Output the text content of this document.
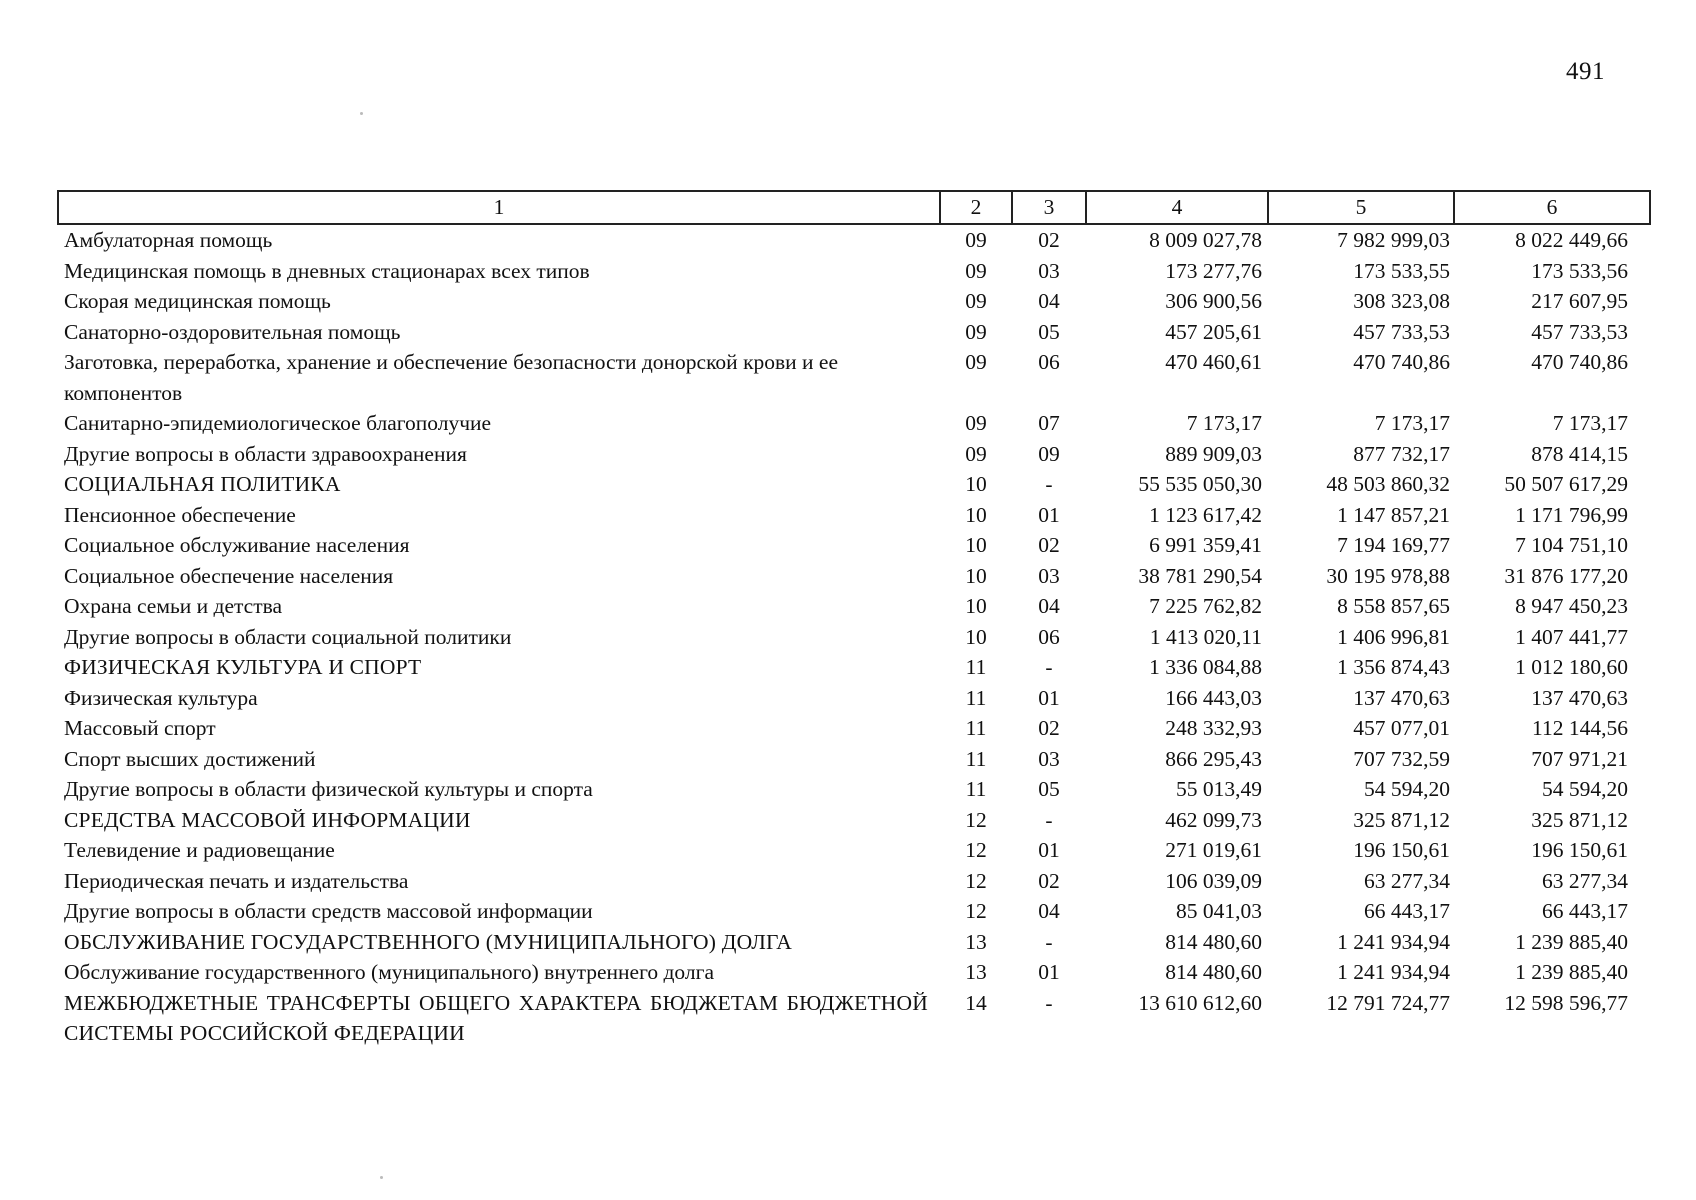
491
1	2	3	4	5	6
Амбулаторная помощь	09	02	8 009 027,78	7 982 999,03	8 022 449,66
Медицинская помощь в дневных стационарах всех типов	09	03	173 277,76	173 533,55	173 533,56
Скорая медицинская помощь	09	04	306 900,56	308 323,08	217 607,95
Санаторно-оздоровительная помощь	09	05	457 205,61	457 733,53	457 733,53
Заготовка, переработка, хранение и обеспечение безопасности донорской крови и ее компонентов	09	06	470 460,61	470 740,86	470 740,86
Санитарно-эпидемиологическое благополучие	09	07	7 173,17	7 173,17	7 173,17
Другие вопросы в области здравоохранения	09	09	889 909,03	877 732,17	878 414,15
СОЦИАЛЬНАЯ ПОЛИТИКА	10	-	55 535 050,30	48 503 860,32	50 507 617,29
Пенсионное обеспечение	10	01	1 123 617,42	1 147 857,21	1 171 796,99
Социальное обслуживание населения	10	02	6 991 359,41	7 194 169,77	7 104 751,10
Социальное обеспечение населения	10	03	38 781 290,54	30 195 978,88	31 876 177,20
Охрана семьи и детства	10	04	7 225 762,82	8 558 857,65	8 947 450,23
Другие вопросы в области социальной политики	10	06	1 413 020,11	1 406 996,81	1 407 441,77
ФИЗИЧЕСКАЯ КУЛЬТУРА И СПОРТ	11	-	1 336 084,88	1 356 874,43	1 012 180,60
Физическая культура	11	01	166 443,03	137 470,63	137 470,63
Массовый спорт	11	02	248 332,93	457 077,01	112 144,56
Спорт высших достижений	11	03	866 295,43	707 732,59	707 971,21
Другие вопросы в области физической культуры и спорта	11	05	55 013,49	54 594,20	54 594,20
СРЕДСТВА МАССОВОЙ ИНФОРМАЦИИ	12	-	462 099,73	325 871,12	325 871,12
Телевидение и радиовещание	12	01	271 019,61	196 150,61	196 150,61
Периодическая печать и издательства	12	02	106 039,09	63 277,34	63 277,34
Другие вопросы в области средств массовой информации	12	04	85 041,03	66 443,17	66 443,17
ОБСЛУЖИВАНИЕ ГОСУДАРСТВЕННОГО (МУНИЦИПАЛЬНОГО) ДОЛГА	13	-	814 480,60	1 241 934,94	1 239 885,40
Обслуживание государственного (муниципального) внутреннего долга	13	01	814 480,60	1 241 934,94	1 239 885,40
МЕЖБЮДЖЕТНЫЕ ТРАНСФЕРТЫ ОБЩЕГО ХАРАКТЕРА БЮДЖЕТАМ БЮДЖЕТНОЙ СИСТЕМЫ РОССИЙСКОЙ ФЕДЕРАЦИИ	14	-	13 610 612,60	12 791 724,77	12 598 596,77
